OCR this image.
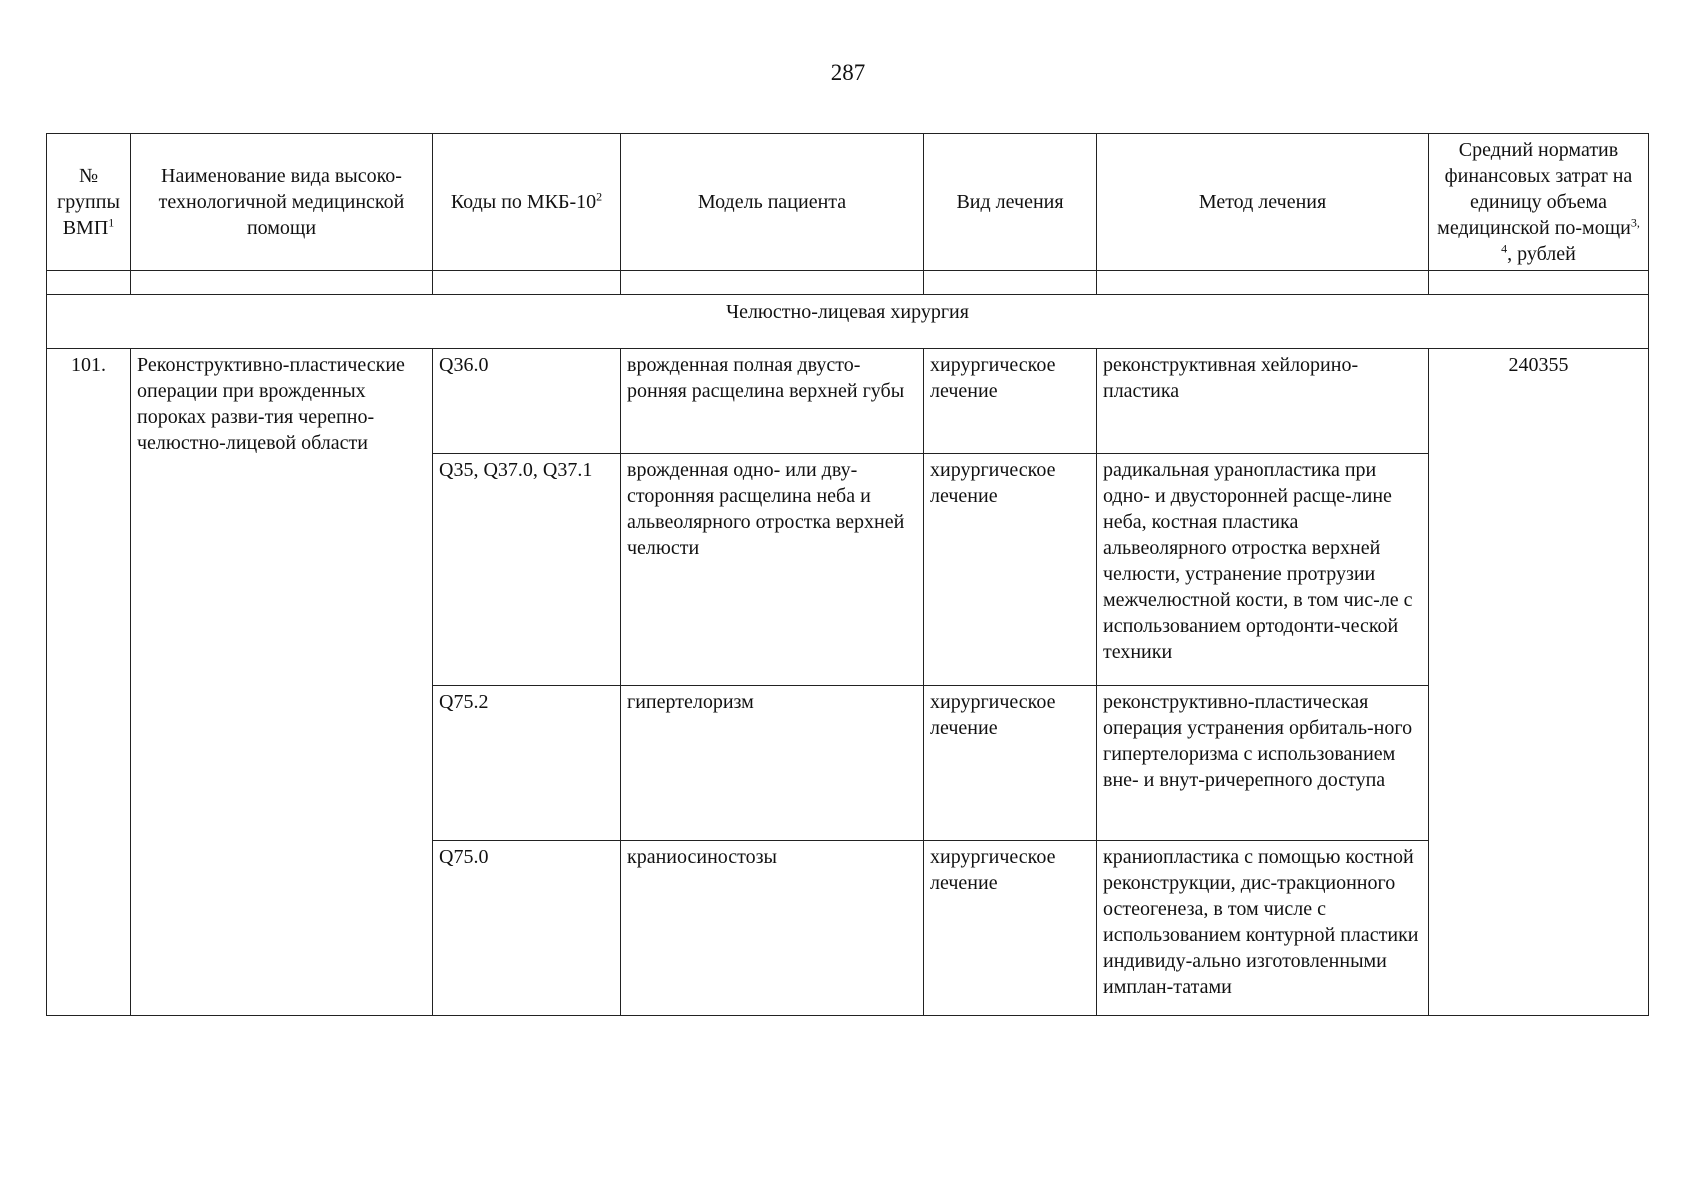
287
№ группы ВМП$^1$	Наименование вида высоко-технологичной медицинской помощи	Коды по МКБ-$10^2$	Модель пациента	Вид лечения	Метод лечения	Средний норматив финансовых затрат на единицу объема медицинской по-мощи$^{3, 4}$, рублей

Челюстно-лицевая хирургия						
101.	Реконструктивно-пластические операции при врожденных пороках разви-тия черепно-челюстно-лицевой области	Q36.0	врожденная полная двусто-ронняя расщелина верхней губы	хирургическое лечение	реконструктивная хейлорино-пластика	240355
		Q35, Q37.0, Q37.1	врожденная одно- или дву-сторонняя расщелина неба и альвеолярного отростка верхней челюсти	хирургическое лечение	радикальная уранопластика при одно- и двусторонней расще-лине неба, костная пластика альвеолярного отростка верхней челюсти, устранение протрузии межчелюстной кости, в том чис-ле с использованием ортодонти-ческой техники	
		Q75.2	гипертелоризм	хирургическое лечение	реконструктивно-пластическая операция устранения орбиталь-ного гипертелоризма с использованием вне- и внут-ричерепного доступа	
		Q75.0	краниосиностозы	хирургическое лечение	краниопластика с помощью костной реконструкции, дис-тракционного остеогенеза, в том числе с использованием контурной пластики индивиду-ально изготовленными имплан-татами	
